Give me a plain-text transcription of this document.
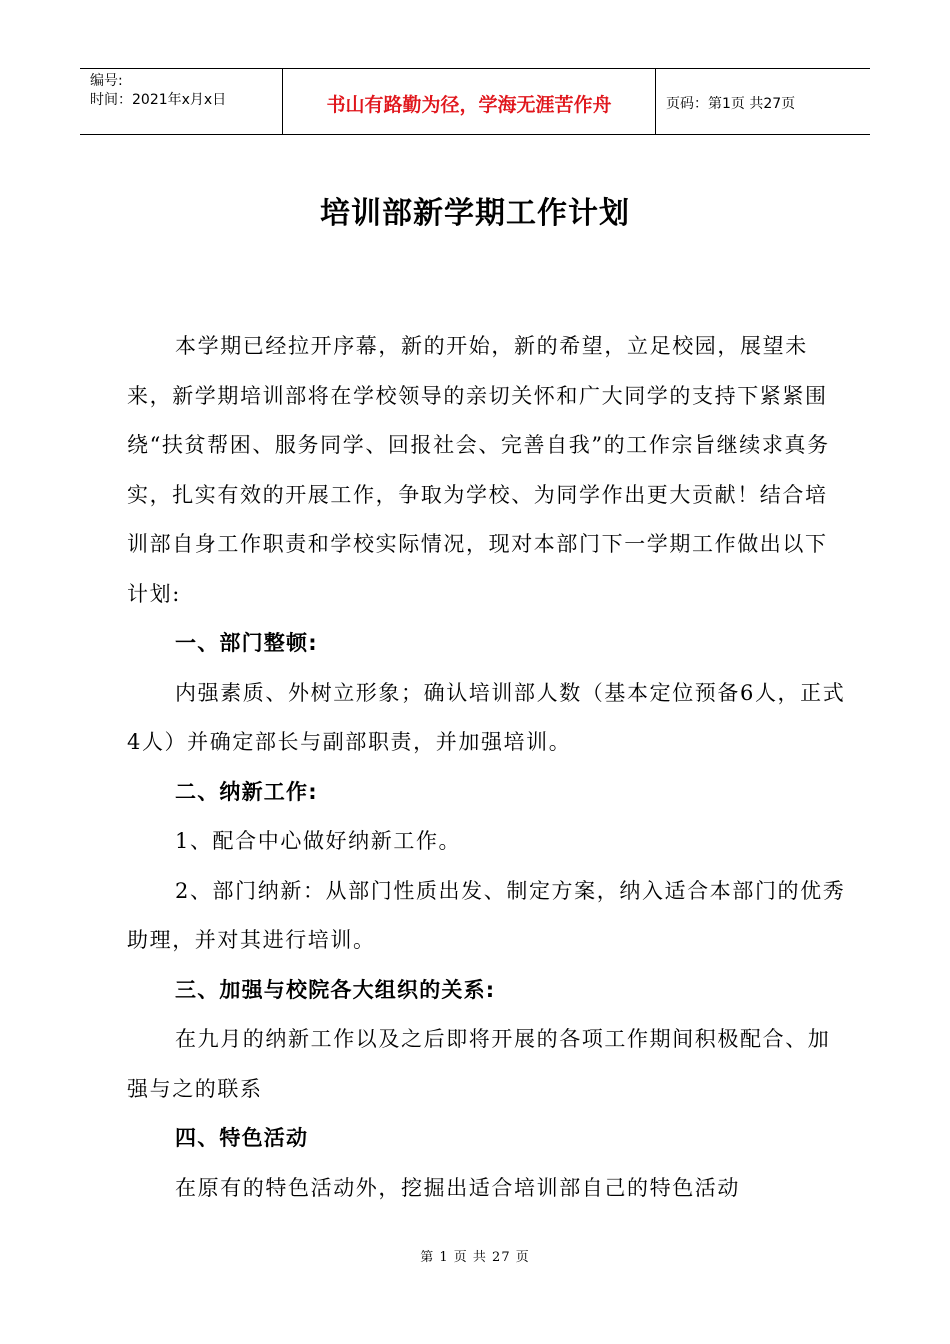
编号:
时间：2021年x月x日	书山有路勤为径，学海无涯苦作舟	页码：第1页 共27页
培训部新学期工作计划

本学期已经拉开序幕，新的开始，新的希望，立足校园，展望未来，新学期培训部将在学校领导的亲切关怀和广大同学的支持下紧紧围绕“扶贫帮困、服务同学、回报社会、完善自我”的工作宗旨继续求真务实，扎实有效的开展工作，争取为学校、为同学作出更大贡献！结合培训部自身工作职责和学校实际情况，现对本部门下一学期工作做出以下计划:

一、部门整顿:

内强素质、外树立形象；确认培训部人数（基本定位预备6人，正式4人）并确定部长与副部职责，并加强培训。

二、纳新工作:

1、配合中心做好纳新工作。

2、部门纳新：从部门性质出发、制定方案，纳入适合本部门的优秀助理，并对其进行培训。

三、加强与校院各大组织的关系:

在九月的纳新工作以及之后即将开展的各项工作期间积极配合、加强与之的联系

四、特色活动

在原有的特色活动外，挖掘出适合培训部自己的特色活动

第 1 页 共 27 页
